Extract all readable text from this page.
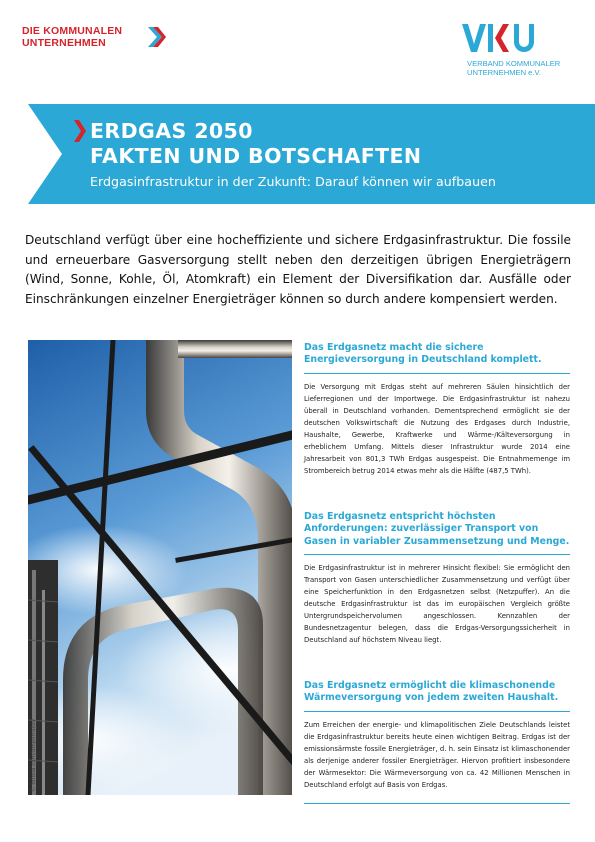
DIE KOMMUNALEN
UNTERNEHMEN
VERBAND KOMMUNALER
UNTERNEHMEN e.V.
ERDGAS 2050
FAKTEN UND BOTSCHAFTEN
Erdgasinfrastruktur in der Zukunft: Darauf können wir aufbauen

Deutschland verfügt über eine hocheffiziente und sichere Erdgasinfrastruktur. Die fossile und erneuerbare Gasversorgung stellt neben den derzeitigen übrigen Energieträgern (Wind, Sonne, Kohle, Öl, Atomkraft) ein Element der Diversifikation dar. Ausfälle oder Einschränkungen einzelner Energieträger können so durch andere kompensiert werden.

© fotolia.com/dmpetrakov
Das Erdgasnetz macht die sichere Energieversorgung in Deutschland komplett.
Die Versorgung mit Erdgas steht auf mehreren Säulen hinsichtlich der Lieferregionen und der Importwege. Die Erdgasinfrastruktur ist nahezu überall in Deutschland vorhanden. Dementsprechend ermöglicht sie der deutschen Volkswirtschaft die Nutzung des Erdgases durch Industrie, Haushalte, Gewerbe, Kraftwerke und Wärme-/Kälteversorgung in erheblichem Umfang. Mittels dieser Infrastruktur wurde 2014 eine Jahresarbeit von 801,3 TWh Erdgas ausgespeist. Die Entnahmemenge im Strombereich betrug 2014 etwas mehr als die Hälfte (487,5 TWh).
Das Erdgasnetz entspricht höchsten Anforderungen: zuverlässiger Transport von Gasen in variabler Zusammensetzung und Menge.
Die Erdgasinfrastruktur ist in mehrerer Hinsicht flexibel: Sie ermöglicht den Transport von Gasen unterschiedlicher Zusammensetzung und verfügt über eine Speicherfunktion in den Erdgasnetzen selbst (Netzpuffer). An die deutsche Erdgasinfrastruktur ist das im europäischen Vergleich größte Untergrundspeichervolumen angeschlossen. Kennzahlen der Bundesnetzagentur belegen, dass die Erdgas-Versorgungssicherheit in Deutschland auf höchstem Niveau liegt.
Das Erdgasnetz ermöglicht die klimaschonende Wärmeversorgung von jedem zweiten Haushalt.
Zum Erreichen der energie- und klimapolitischen Ziele Deutschlands leistet die Erdgasinfrastruktur bereits heute einen wichtigen Beitrag. Erdgas ist der emissionsärmste fossile Energieträger, d. h. sein Einsatz ist klimaschonender als derjenige anderer fossiler Energieträger. Hiervon profitiert insbesondere der Wärmesektor: Die Wärmeversorgung von ca. 42 Millionen Menschen in Deutschland erfolgt auf Basis von Erdgas.
